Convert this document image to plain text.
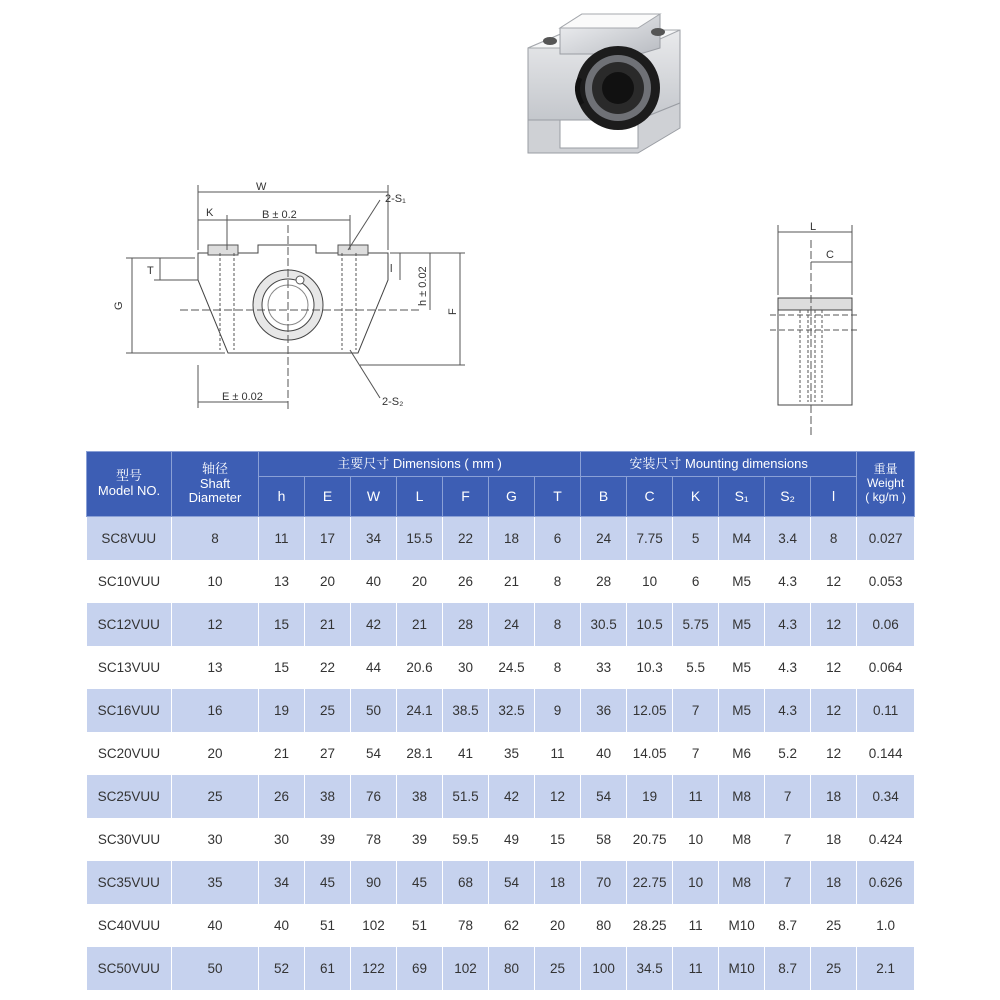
W
K	B ± 0.2
2-S₁
T
G
l h ± 0.02
F
E ± 0.02	2-S₂
L
C
型号
Model NO.	轴径
Shaft
Diameter	主要尺寸 Dimensions ( mm )							安装尺寸 Mounting dimensions						重量
Weight
( kg/m )
		h	E	W	L	F	G	T	B	C	K	S₁	S₂	l	
SC8VUU	8	11	17	34	15.5	22	18	6	24	7.75	5	M4	3.4	8	0.027
SC10VUU	10	13	20	40	20	26	21	8	28	10	6	M5	4.3	12	0.053
SC12VUU	12	15	21	42	21	28	24	8	30.5	10.5	5.75	M5	4.3	12	0.06
SC13VUU	13	15	22	44	20.6	30	24.5	8	33	10.3	5.5	M5	4.3	12	0.064
SC16VUU	16	19	25	50	24.1	38.5	32.5	9	36	12.05	7	M5	4.3	12	0.11
SC20VUU	20	21	27	54	28.1	41	35	11	40	14.05	7	M6	5.2	12	0.144
SC25VUU	25	26	38	76	38	51.5	42	12	54	19	11	M8	7	18	0.34
SC30VUU	30	30	39	78	39	59.5	49	15	58	20.75	10	M8	7	18	0.424
SC35VUU	35	34	45	90	45	68	54	18	70	22.75	10	M8	7	18	0.626
SC40VUU	40	40	51	102	51	78	62	20	80	28.25	11	M10	8.7	25	1.0
SC50VUU	50	52	61	122	69	102	80	25	100	34.5	11	M10	8.7	25	2.1
